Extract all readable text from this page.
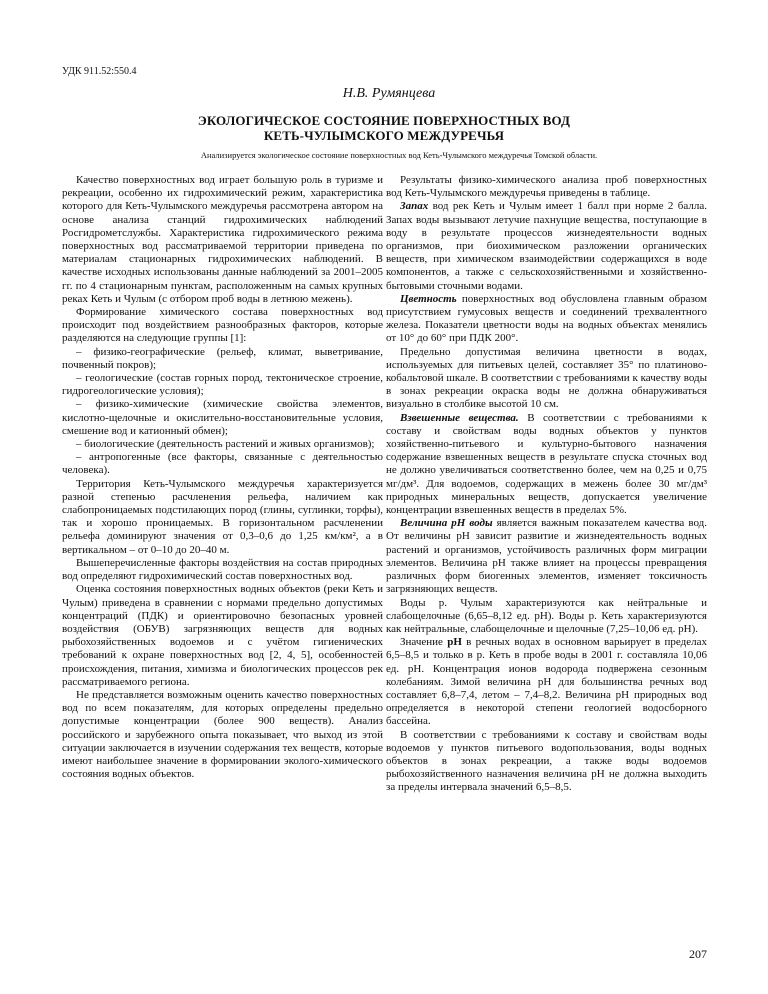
УДК 911.52:550.4
Н.В. Румянцева
ЭКОЛОГИЧЕСКОЕ СОСТОЯНИЕ ПОВЕРХНОСТНЫХ ВОД
КЕТЬ-ЧУЛЫМСКОГО МЕЖДУРЕЧЬЯ
Анализируется экологическое состояние поверхностных вод Кеть-Чулымского междуречья Томской области.

Качество поверхностных вод играет большую роль в туризме и рекреации, особенно их гидрохимический режим, характеристика которого для Кеть-Чулымского междуречья рассмотрена автором на основе анализа станций гидрохимических наблюдений Росгидрометслужбы. Характеристика гидрохимического режима поверхностных вод рассматриваемой территории приведена по материалам стационарных гидрохимических наблюдений. В качестве исходных использованы данные наблюдений за 2001–2005 гг. по 4 стационарным пунктам, расположенным на самых крупных реках Кеть и Чулым (с отбором проб воды в летнюю межень).

Формирование химического состава поверхностных вод происходит под воздействием разнообразных факторов, которые разделяются на следующие группы [1]:

– физико-географические (рельеф, климат, выветривание, почвенный покров);

– геологические (состав горных пород, тектоническое строение, гидрогеологические условия);

– физико-химические (химические свойства элементов, кислотно-щелочные и окислительно-восстановительные условия, смешение вод и катионный обмен);

– биологические (деятельность растений и живых организмов);

– антропогенные (все факторы, связанные с деятельностью человека).

Территория Кеть-Чулымского междуречья характеризуется разной степенью расчленения рельефа, наличием как слабопроницаемых подстилающих пород (глины, суглинки, торфы), так и хорошо проницаемых. В горизонтальном расчленении рельефа доминируют значения от 0,3–0,6 до 1,25 км/км², а в вертикальном – от 0–10 до 20–40 м.

Вышеперечисленные факторы воздействия на состав природных вод определяют гидрохимический состав поверхностных вод.

Оценка состояния поверхностных водных объектов (реки Кеть и Чулым) приведена в сравнении с нормами предельно допустимых концентраций (ПДК) и ориентировочно безопасных уровней воздействия (ОБУВ) загрязняющих веществ для водных рыбохозяйственных водоемов и с учётом гигиенических требований к охране поверхностных вод [2, 4, 5], особенностей происхождения, питания, химизма и биологических процессов рек рассматриваемого региона.

Не представляется возможным оценить качество поверхностных вод по всем показателям, для которых определены предельно допустимые концентрации (более 900 веществ). Анализ российского и зарубежного опыта показывает, что выход из этой ситуации заключается в изучении содержания тех веществ, которые имеют наибольшее значение в формировании эколого-химического состояния водных объектов.

Результаты физико-химического анализа проб поверхностных вод Кеть-Чулымского междуречья приведены в таблице.

Запах вод рек Кеть и Чулым имеет 1 балл при норме 2 балла. Запах воды вызывают летучие пахнущие вещества, поступающие в воду в результате процессов жизнедеятельности водных организмов, при биохимическом разложении органических веществ, при химическом взаимодействии содержащихся в воде компонентов, а также с сельскохозяйственными и хозяйственно-бытовыми сточными водами.

Цветность поверхностных вод обусловлена главным образом присутствием гумусовых веществ и соединений трехвалентного железа. Показатели цветности воды на водных объектах менялись от 10° до 60° при ПДК 200°.

Предельно допустимая величина цветности в водах, используемых для питьевых целей, составляет 35° по платиново-кобальтовой шкале. В соответствии с требованиями к качеству воды в зонах рекреации окраска воды не должна обнаруживаться визуально в столбике высотой 10 см.

Взвешенные вещества. В соответствии с требованиями к составу и свойствам воды водных объектов у пунктов хозяйственно-питьевого и культурно-бытового назначения содержание взвешенных веществ в результате спуска сточных вод не должно увеличиваться соответственно более, чем на 0,25 и 0,75 мг/дм³. Для водоемов, содержащих в межень более 30 мг/дм³ природных минеральных веществ, допускается увеличение концентрации взвешенных веществ в пределах 5%.

Величина pH воды является важным показателем качества вод. От величины pH зависит развитие и жизнедеятельность водных растений и организмов, устойчивость различных форм миграции элементов. Величина pH также влияет на процессы превращения различных форм биогенных элементов, изменяет токсичность загрязняющих веществ.

Воды р. Чулым характеризуются как нейтральные и слабощелочные (6,65–8,12 ед. pH). Воды р. Кеть характеризуются как нейтральные, слабощелочные и щелочные (7,25–10,06 ед. pH).

Значение pH в речных водах в основном варьирует в пределах 6,5–8,5 и только в р. Кеть в пробе воды в 2001 г. составляла 10,06 ед. pH. Концентрация ионов водорода подвержена сезонным колебаниям. Зимой величина pH для большинства речных вод составляет 6,8–7,4, летом – 7,4–8,2. Величина pH природных вод определяется в некоторой степени геологией водосборного бассейна.

В соответствии с требованиями к составу и свойствам воды водоемов у пунктов питьевого водопользования, воды водных объектов в зонах рекреации, а также воды водоемов рыбохозяйственного назначения величина pH не должна выходить за пределы интервала значений 6,5–8,5.

207
